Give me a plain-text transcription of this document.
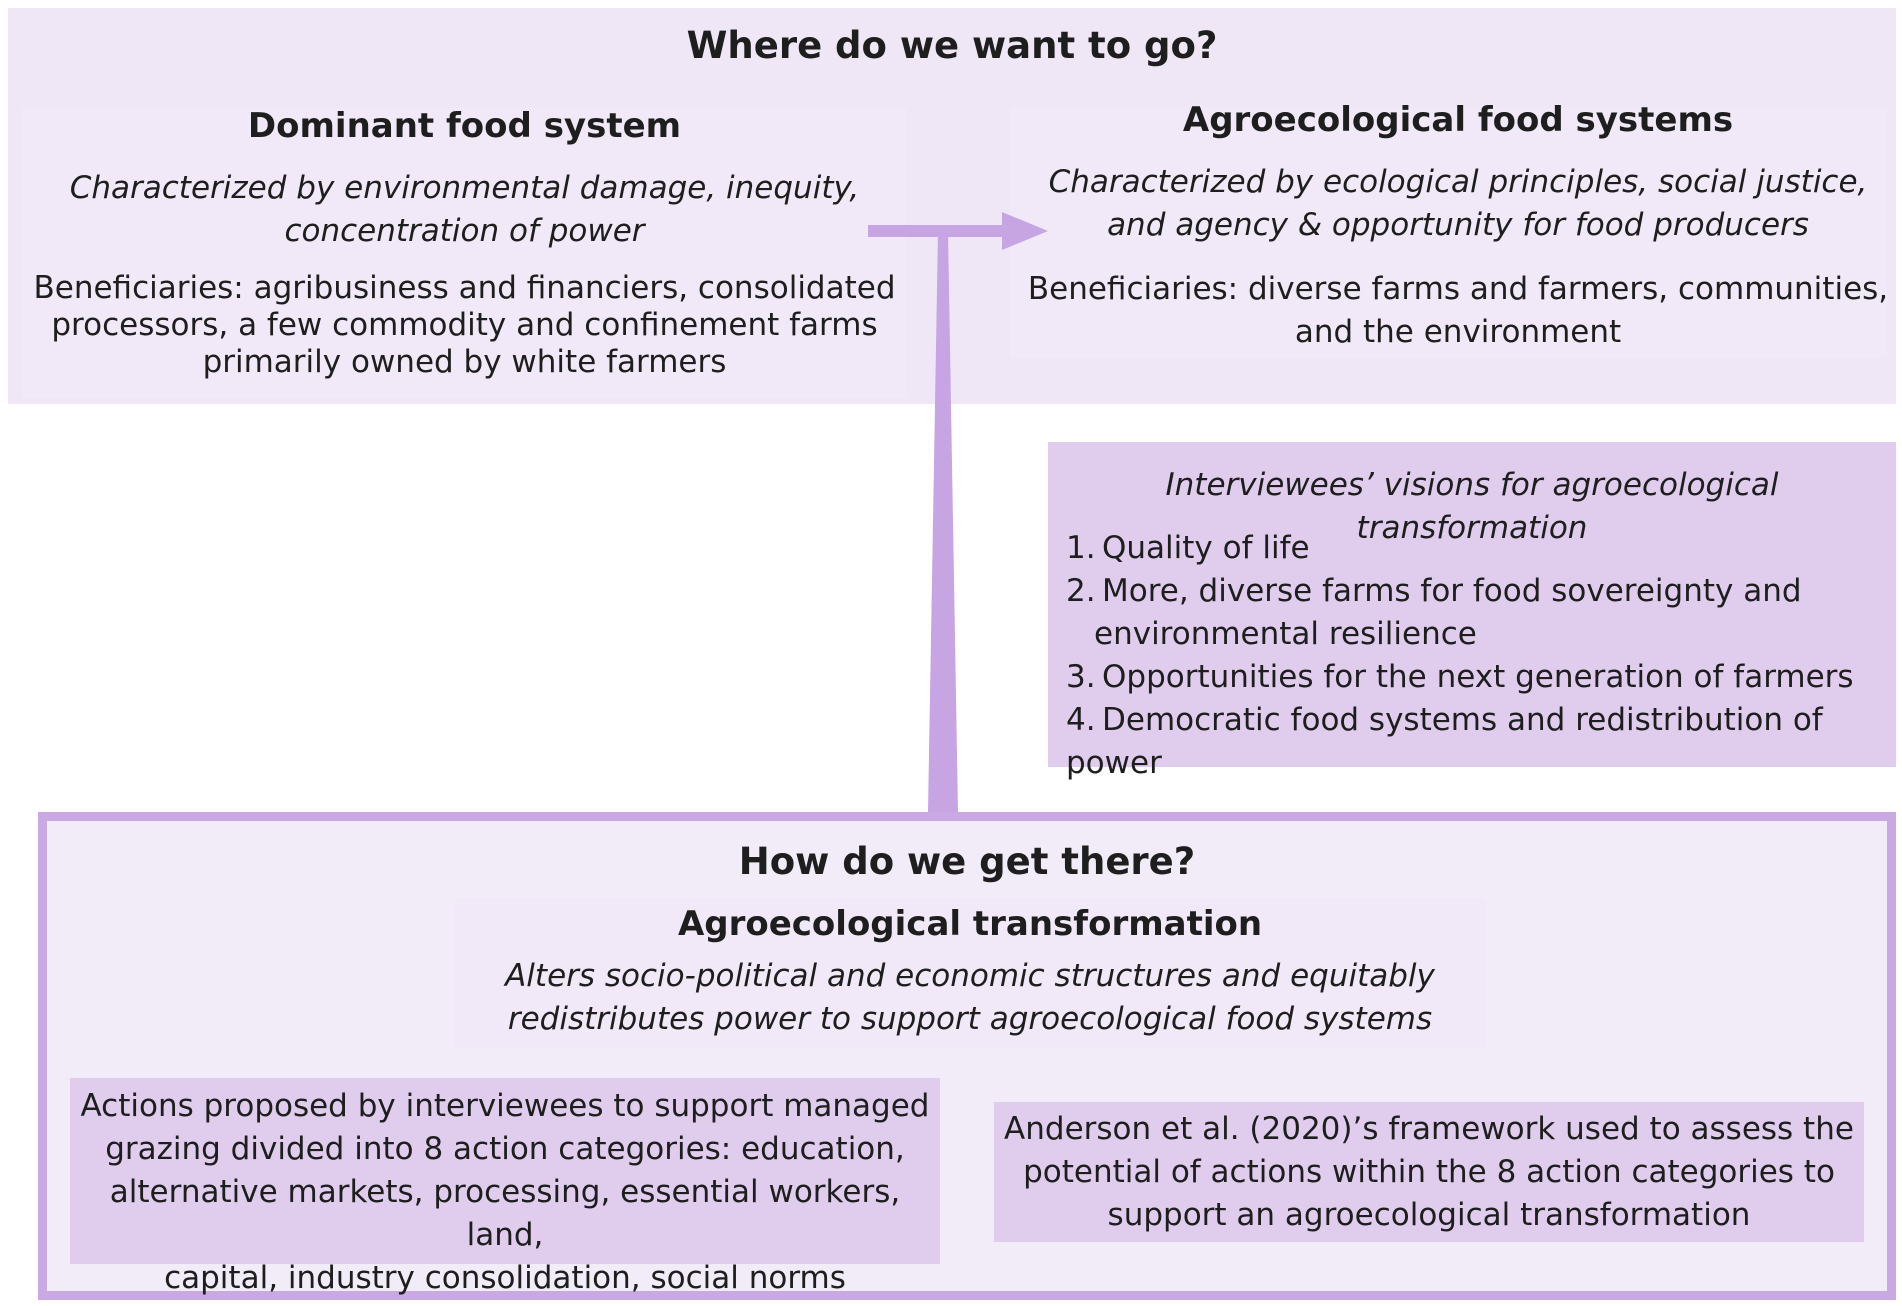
Where do we want to go?
Dominant food system
Characterized by environmental damage, inequity,
concentration of power
Beneficiaries: agribusiness and financiers, consolidated
processors, a few commodity and confinement farms
primarily owned by white farmers
Agroecological food systems
Characterized by ecological principles, social justice,
and agency & opportunity for food producers
Beneficiaries: diverse farms and farmers, communities,
and the environment
Interviewees’ visions for agroecological transformation
1. Quality of life
2. More, diverse farms for food sovereignty and
environmental resilience
3. Opportunities for the next generation of farmers
4. Democratic food systems and redistribution of power
How do we get there?
Agroecological transformation
Alters socio-political and economic structures and equitably
redistributes power to support agroecological food systems
Actions proposed by interviewees to support managed
grazing divided into 8 action categories: education,
alternative markets, processing, essential workers, land,
capital, industry consolidation, social norms
Anderson et al. (2020)’s framework used to assess the
potential of actions within the 8 action categories to
support an agroecological transformation
